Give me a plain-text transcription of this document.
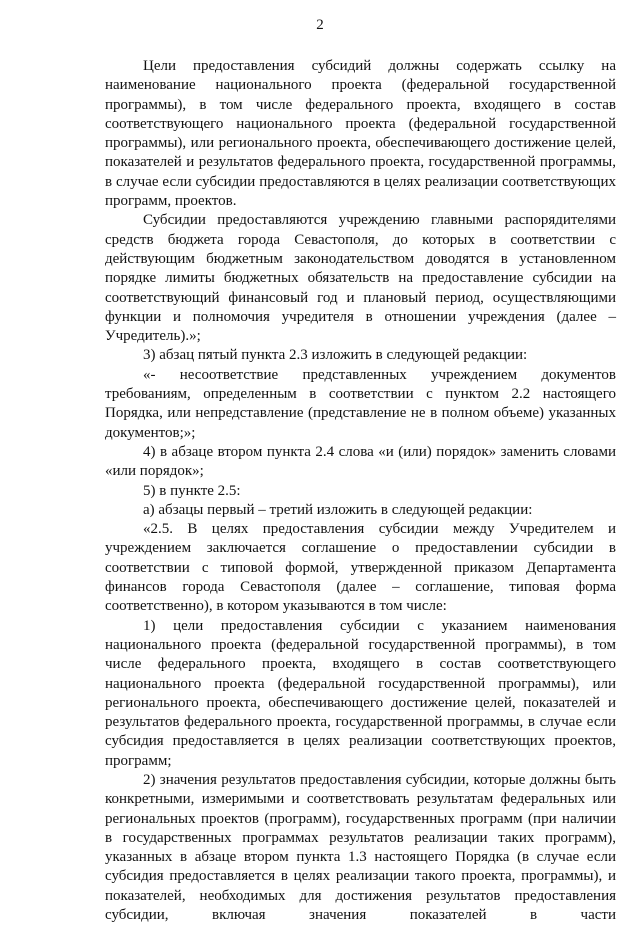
2

Цели предоставления субсидий должны содержать ссылку на наименование национального проекта (федеральной государственной программы), в том числе федерального проекта, входящего в состав соответствующего национального проекта (федеральной государственной программы), или регионального проекта, обеспечивающего достижение целей, показателей и результатов федерального проекта, государственной программы, в случае если субсидии предоставляются в целях реализации соответствующих программ, проектов.

Субсидии предоставляются учреждению главными распорядителями средств бюджета города Севастополя, до которых в соответствии с действующим бюджетным законодательством доводятся в установленном порядке лимиты бюджетных обязательств на предоставление субсидии на соответствующий финансовый год и плановый период, осуществляющими функции и полномочия учредителя в отношении учреждения (далее – Учредитель).»;

3) абзац пятый пункта 2.3 изложить в следующей редакции:

«- несоответствие представленных учреждением документов требованиям, определенным в соответствии с пунктом 2.2 настоящего Порядка, или непредставление (представление не в полном объеме) указанных документов;»;

4) в абзаце втором пункта 2.4 слова «и (или) порядок» заменить словами «или порядок»;

5) в пункте 2.5:

а) абзацы первый – третий изложить в следующей редакции:

«2.5. В целях предоставления субсидии между Учредителем и учреждением заключается соглашение о предоставлении субсидии в соответствии с типовой формой, утвержденной приказом Департамента финансов города Севастополя (далее – соглашение, типовая форма соответственно), в котором указываются в том числе:

1) цели предоставления субсидии с указанием наименования национального проекта (федеральной государственной программы), в том числе федерального проекта, входящего в состав соответствующего национального проекта (федеральной государственной программы), или регионального проекта, обеспечивающего достижение целей, показателей и результатов федерального проекта, государственной программы, в случае если субсидия предоставляется в целях реализации соответствующих проектов, программ;

2) значения результатов предоставления субсидии, которые должны быть конкретными, измеримыми и соответствовать результатам федеральных или региональных проектов (программ), государственных программ (при наличии в государственных программах результатов реализации таких программ), указанных в абзаце втором пункта 1.3 настоящего Порядка (в случае если субсидия предоставляется в целях реализации такого проекта, программы), и показателей, необходимых для достижения результатов предоставления субсидии, включая значения показателей в части
